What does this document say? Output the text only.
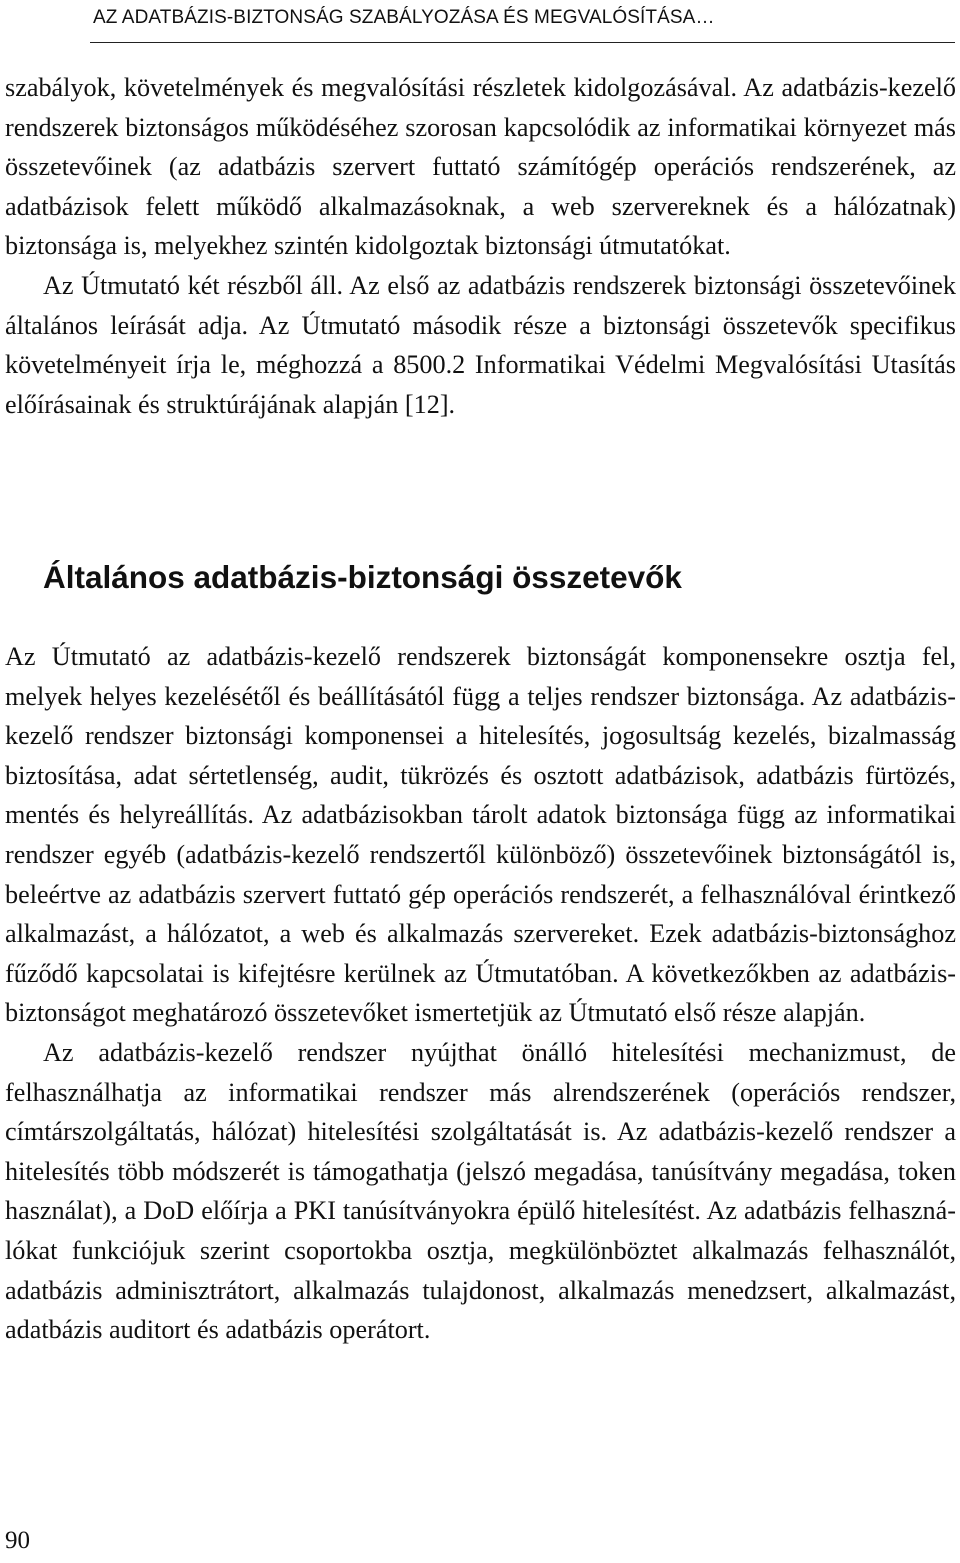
AZ ADATBÁZIS-BIZTONSÁG SZABÁLYOZÁSA ÉS MEGVALÓSÍTÁSA…

szabályok, követelmények és megvalósítási részletek kidolgozásával. Az adatbázis-kezelő rendszerek biztonságos működéséhez szorosan kapcsolódik az informatikai környezet más összetevőinek (az adatbázis szervert futtató számítógép operációs rendszerének, az adatbázisok felett működő alkalmazásoknak, a web szervereknek és a hálózatnak) biztonsága is, melyekhez szintén kidolgoztak biztonsági útmutatókat.

Az Útmutató két részből áll. Az első az adatbázis rendszerek biztonsági összetevőinek általános leírását adja. Az Útmutató második része a biztonsági összetevők specifikus követelményeit írja le, méghozzá a 8500.2 Informatikai Védelmi Megvalósítási Utasítás előírásainak és struktúrájának alapján [12].

Általános adatbázis-biztonsági összetevők

Az Útmutató az adatbázis-kezelő rendszerek biztonságát komponensekre osztja fel, melyek helyes kezelésétől és beállításától függ a teljes rendszer biztonsága. Az adatbázis-kezelő rendszer biztonsági komponensei a hitelesítés, jogosultság kezelés, bizalmasság biztosítása, adat sértetlenség, audit, tükrözés és osztott adatbázisok, adatbázis fürtözés, mentés és helyreállítás. Az adatbázisokban tárolt adatok biztonsága függ az informatikai rendszer egyéb (adatbázis-kezelő rendszertől különböző) összetevőinek biztonságától is, beleértve az adatbázis szervert futtató gép operációs rendszerét, a felhasználóval érintkező alkalmazást, a hálózatot, a web és alkalmazás szervereket. Ezek adatbázis-biztonsághoz fűződő kapcsolatai is kifejtésre kerülnek az Útmutatóban. A következőkben az adatbázis-biztonságot meghatározó összetevőket ismertetjük az Útmutató első része alapján.

Az adatbázis-kezelő rendszer nyújthat önálló hitelesítési mechanizmust, de felhasználhatja az informatikai rendszer más alrendszerének (operációs rendszer, címtárszolgáltatás, hálózat) hitelesítési szolgáltatását is. Az adatbázis-kezelő rendszer a hitelesítés több módszerét is támogathatja (jelszó megadása, tanúsítvány megadása, token használat), a DoD előírja a PKI tanúsítványokra épülő hitelesítést. Az adatbázis felhasználókat funkciójuk szerint csoportokba osztja, megkülönböztet alkalmazás felhasználót, adatbázis adminisztrátort, alkalmazás tulajdonost, alkalmazás menedzsert, alkalmazást, adatbázis auditort és adatbázis operátort.

90
